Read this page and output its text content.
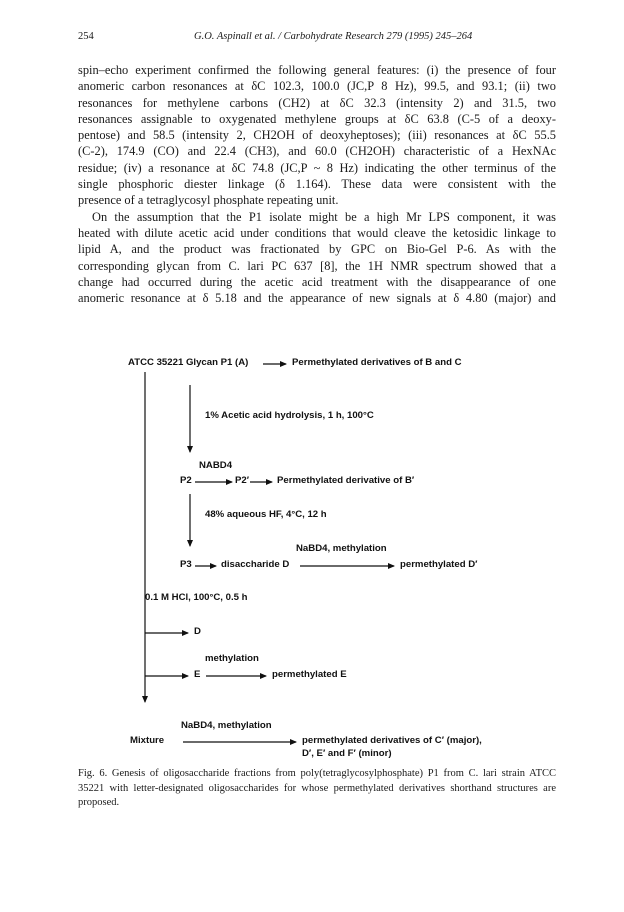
254	G.O. Aspinall et al. / Carbohydrate Research 279 (1995) 245–264
spin–echo experiment confirmed the following general features: (i) the presence of four
anomeric carbon resonances at δC 102.3, 100.0 (JC,P 8 Hz), 99.5, and 93.1; (ii) two
resonances for methylene carbons (CH2) at δC 32.3 (intensity 2) and 31.5, two
resonances assignable to oxygenated methylene groups at δC 63.8 (C-5 of a deoxy-
pentose) and 58.5 (intensity 2, CH2OH of deoxyheptoses); (iii) resonances at δC 55.5
(C-2), 174.9 (CO) and 22.4 (CH3), and 60.0 (CH2OH) characteristic of a HexNAc
residue; (iv) a resonance at δC 74.8 (JC,P ~ 8 Hz) indicating the other terminus of the
single phosphoric diester linkage (δ 1.164). These data were consistent with the
presence of a tetraglycosyl phosphate repeating unit.
On the assumption that the P1 isolate might be a high Mr LPS component, it was
heated with dilute acetic acid under conditions that would cleave the ketosidic linkage to
lipid A, and the product was fractionated by GPC on Bio-Gel P-6. As with the
corresponding glycan from C. lari PC 637 [8], the 1H NMR spectrum showed that a
change had occurred during the acetic acid treatment with the disappearance of one
anomeric resonance at δ 5.18 and the appearance of new signals at δ 4.80 (major) and
ATCC 35221 Glycan P1 (A)	Permethylated derivatives of B and C
1% Acetic acid hydrolysis, 1 h, 100°C
NABD4
P2	P2′	Permethylated derivative of B′
48% aqueous HF, 4°C, 12 h
NaBD4, methylation
P3	disaccharide D	permethylated D′
0.1 M HCl, 100°C, 0.5 h
D
methylation
E	permethylated E
NaBD4, methylation
Mixture	permethylated derivatives of C′ (major),
D′, E′ and F′ (minor)
Fig. 6. Genesis of oligosaccharide fractions from poly(tetraglycosylphosphate) P1 from C. lari strain ATCC
35221 with letter-designated oligosaccharides for whose permethylated derivatives shorthand structures are
proposed.
